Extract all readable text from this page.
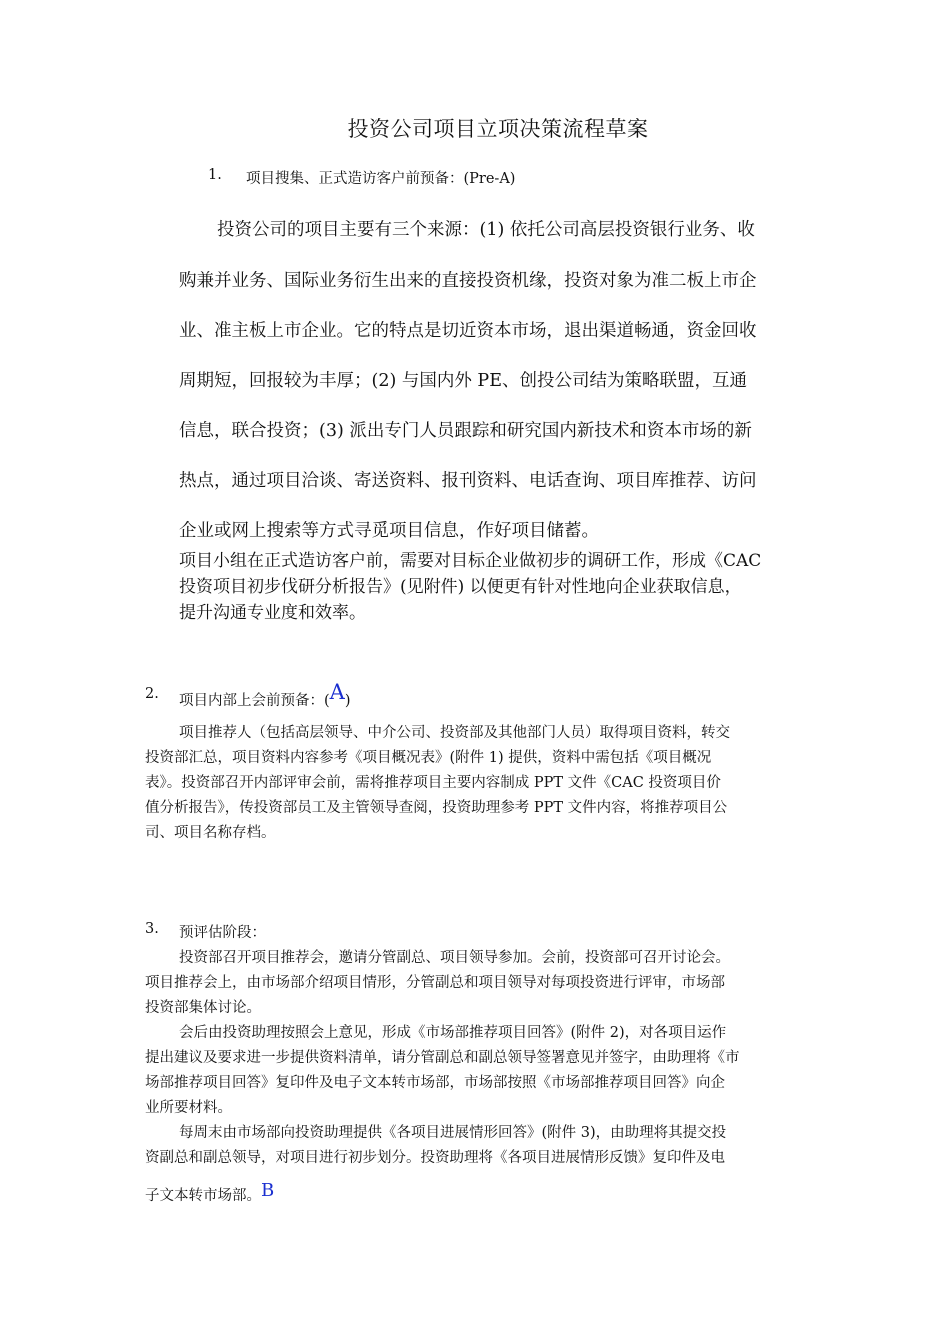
投资公司项目立项决策流程草案
1. 项目搜集、正式造访客户前预备：(Pre-A)
投资公司的项目主要有三个来源：(1) 依托公司高层投资银行业务、收
购兼并业务、国际业务衍生出来的直接投资机缘，投资对象为准二板上市企
业、准主板上市企业。它的特点是切近资本市场，退出渠道畅通，资金回收
周期短，回报较为丰厚；(2) 与国内外 PE、创投公司结为策略联盟，互通
信息，联合投资；(3) 派出专门人员跟踪和研究国内新技术和资本市场的新
热点，通过项目洽谈、寄送资料、报刊资料、电话查询、项目库推荐、访问
企业或网上搜索等方式寻觅项目信息，作好项目储蓄。
项目小组在正式造访客户前，需要对目标企业做初步的调研工作，形成《CAC
投资项目初步伐研分析报告》(见附件) 以便更有针对性地向企业获取信息，
提升沟通专业度和效率。
2. 项目内部上会前预备：(A)
项目推荐人（包括高层领导、中介公司、投资部及其他部门人员）取得项目资料，转交
投资部汇总，项目资料内容参考《项目概况表》(附件 1) 提供，资料中需包括《项目概况
表》。投资部召开内部评审会前，需将推荐项目主要内容制成 PPT 文件《CAC 投资项目价
值分析报告》，传投资部员工及主管领导查阅，投资助理参考 PPT 文件内容，将推荐项目公
司、项目名称存档。
3. 预评估阶段：
投资部召开项目推荐会，邀请分管副总、项目领导参加。会前，投资部可召开讨论会。
项目推荐会上，由市场部介绍项目情形，分管副总和项目领导对每项投资进行评审，市场部
投资部集体讨论。
会后由投资助理按照会上意见，形成《市场部推荐项目回答》(附件 2)，对各项目运作
提出建议及要求进一步提供资料清单，请分管副总和副总领导签署意见并签字，由助理将《市
场部推荐项目回答》复印件及电子文本转市场部，市场部按照《市场部推荐项目回答》向企
业所要材料。
每周末由市场部向投资助理提供《各项目进展情形回答》(附件 3)，由助理将其提交投
资副总和副总领导，对项目进行初步划分。投资助理将《各项目进展情形反馈》复印件及电
子文本转市场部。B
